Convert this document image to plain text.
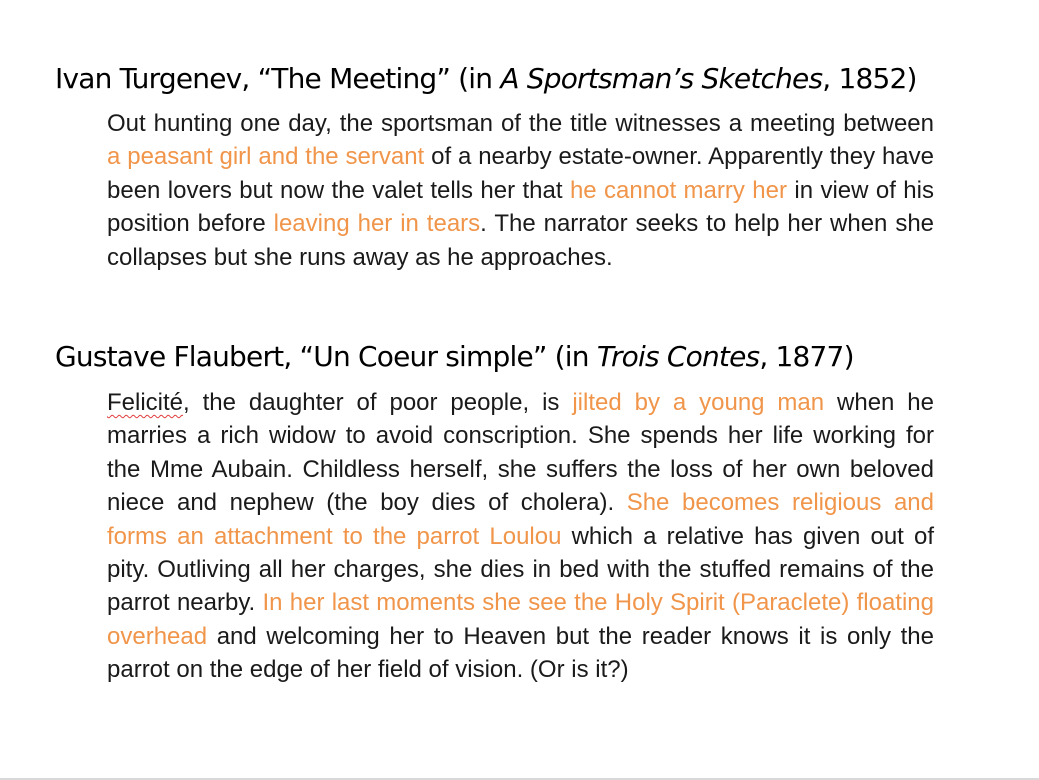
Ivan Turgenev, “The Meeting” (in A Sportsman’s Sketches, 1852)
Out hunting one day, the sportsman of the title witnesses a meeting between a peasant girl and the servant of a nearby estate-owner. Apparently they have been lovers but now the valet tells her that he cannot marry her in view of his position before leaving her in tears. The narrator seeks to help her when she collapses but she runs away as he approaches.
Gustave Flaubert, “Un Coeur simple” (in Trois Contes, 1877)
Felicité, the daughter of poor people, is jilted by a young man when he marries a rich widow to avoid conscription. She spends her life working for the Mme Aubain. Childless herself, she suffers the loss of her own beloved niece and nephew (the boy dies of cholera). She becomes religious and forms an attachment to the parrot Loulou which a relative has given out of pity. Outliving all her charges, she dies in bed with the stuffed remains of the parrot nearby. In her last moments she see the Holy Spirit (Paraclete) floating overhead and welcoming her to Heaven but the reader knows it is only the parrot on the edge of her field of vision. (Or is it?)
